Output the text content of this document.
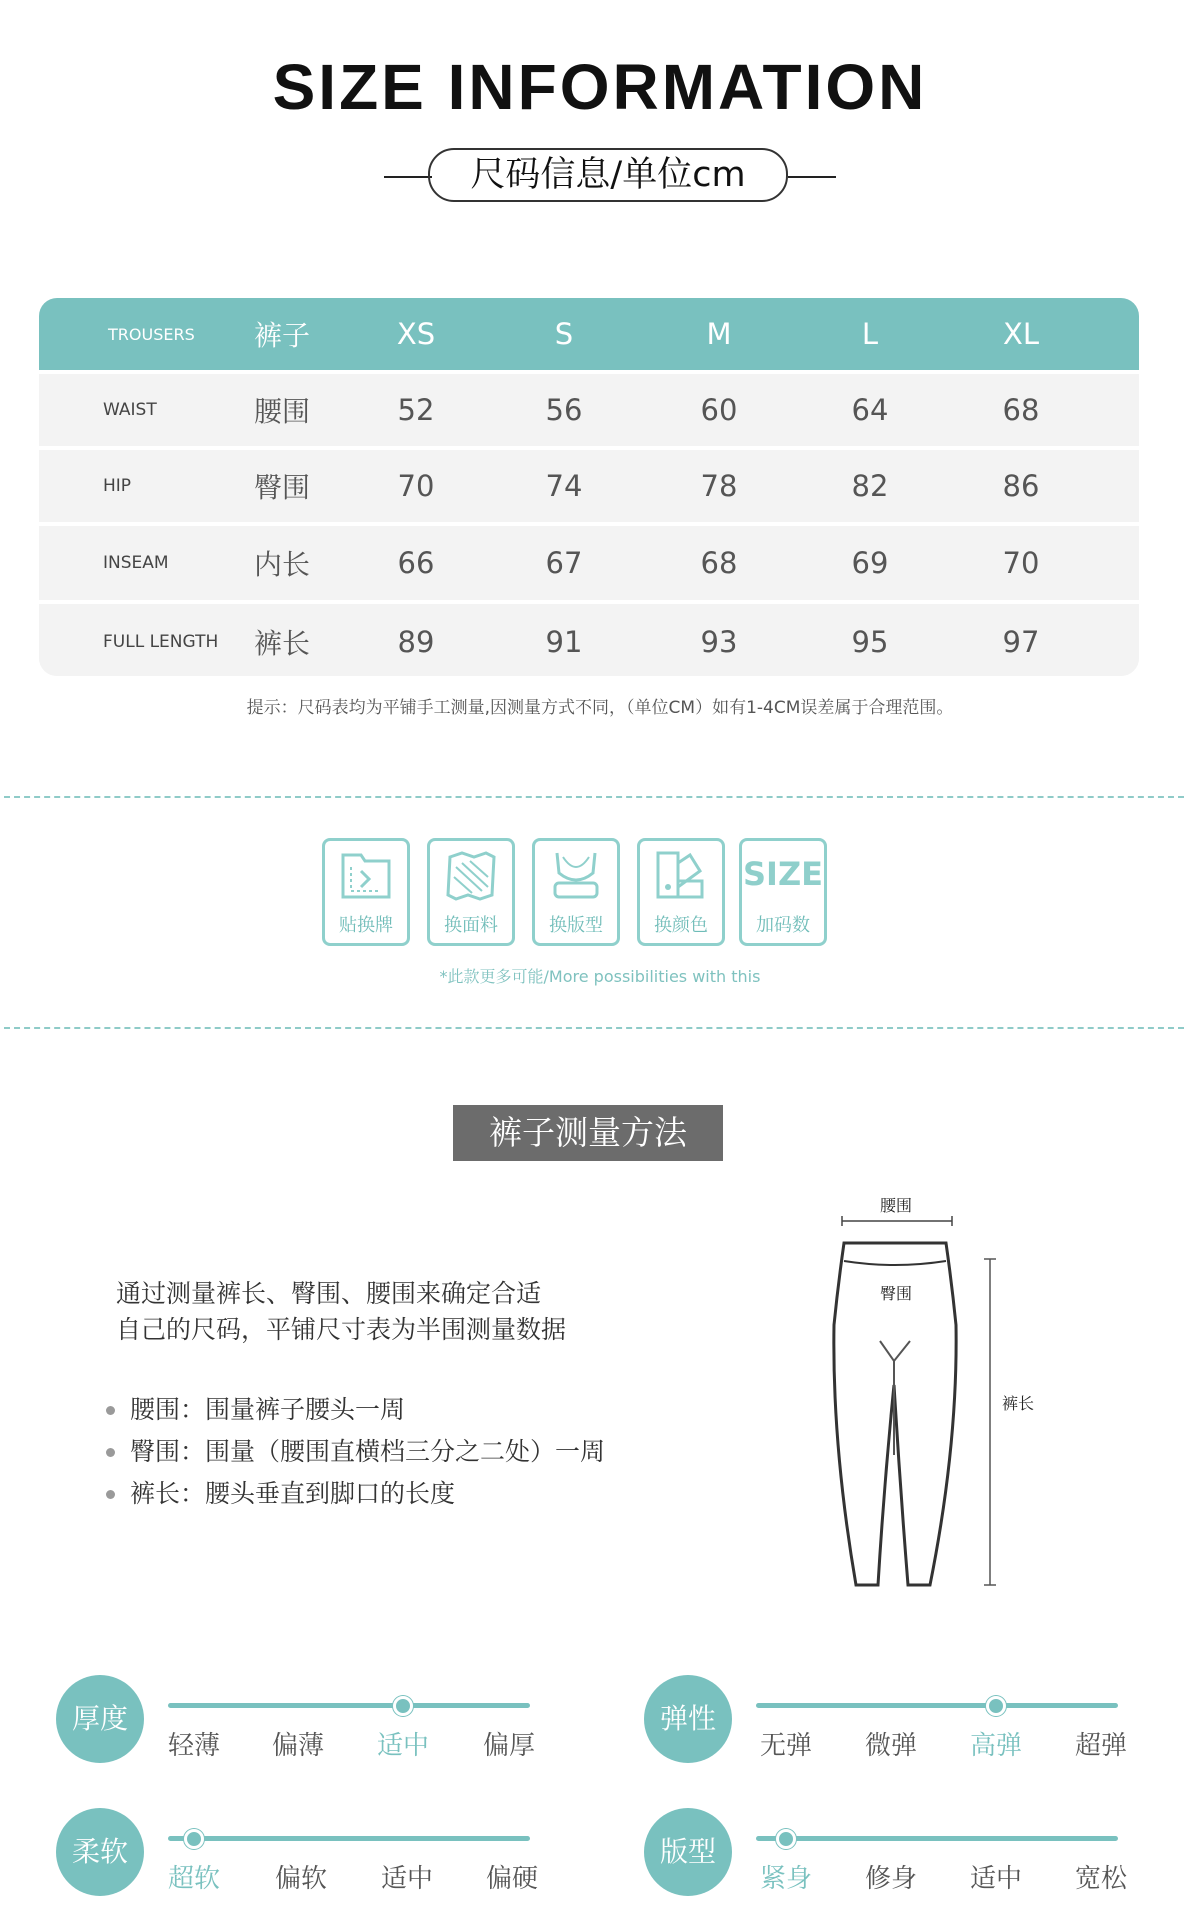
SIZE INFORMATION
尺码信息/单位cm
TROUSERS 裤子	XS	S	M	L	XL
WAIST	腰围	52	56	60	64	68
HIP	臀围	70	74	78	82	86
INSEAM	内长	66	67	68	69	70
FULL LENGTH 裤长	89	91	93	95	97
提示：尺码表均为平铺手工测量,因测量方式不同，（单位CM）如有1-4CM误差属于合理范围。
贴换牌	换面料	换版型	换颜色
SIZE
加码数
*此款更多可能/More possibilities with this
裤子测量方法
通过测量裤长、臀围、腰围来确定合适
自己的尺码，平铺尺寸表为半围测量数据
腰围：围量裤子腰头一周
臀围：围量（腰围直横档三分之二处）一周
裤长：腰头垂直到脚口的长度
腰围
臀围
裤长
厚度
轻薄 偏薄 适中 偏厚
弹性
无弹 微弹 高弹 超弹
柔软
超软 偏软 适中 偏硬
版型
紧身 修身 适中 宽松
